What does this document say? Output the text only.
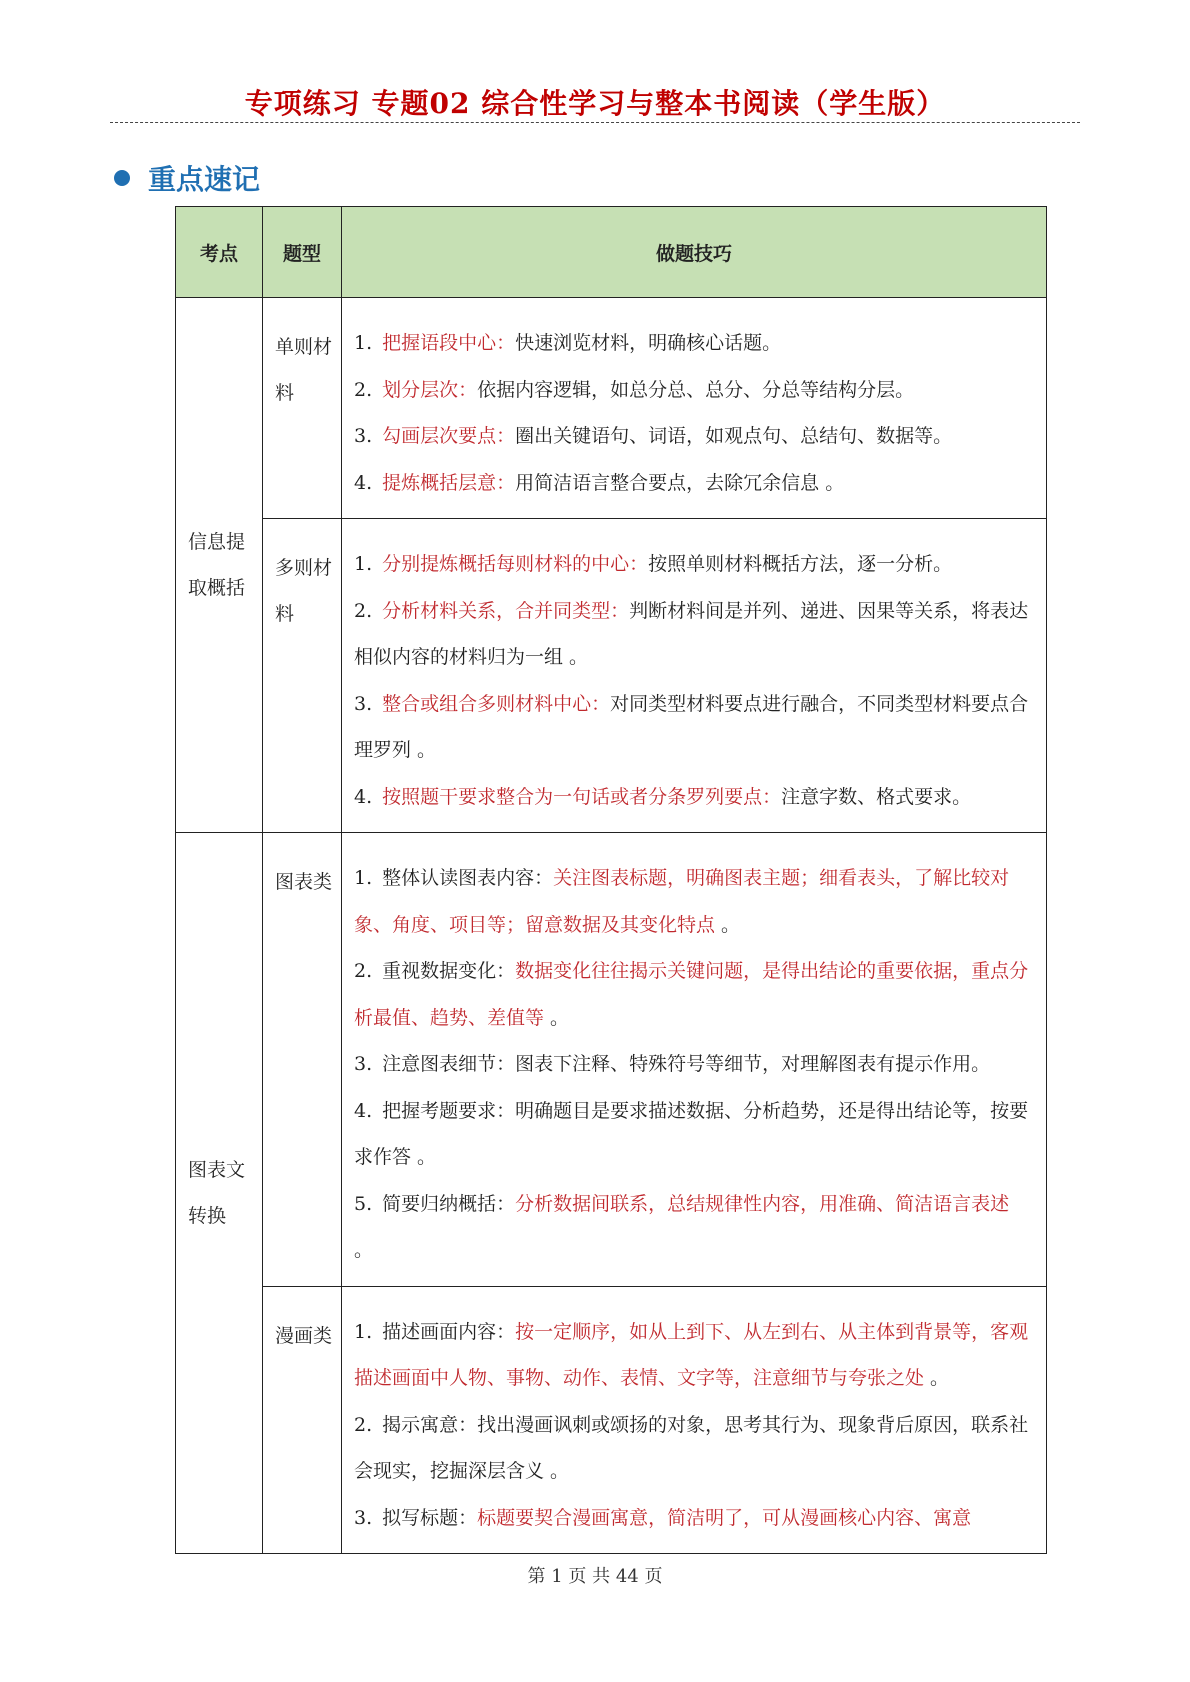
专项练习 专题02 综合性学习与整本书阅读（学生版）
重点速记
考点	题型	做题技巧
信息提取概括	单则材料	1. 把握语段中心：快速浏览材料，明确核心话题。

2. 划分层次：依据内容逻辑，如总分总、总分、分总等结构分层。

3. 勾画层次要点：圈出关键语句、词语，如观点句、总结句、数据等。

4. 提炼概括层意：用简洁语言整合要点，去除冗余信息 。

	多则材料	1. 分别提炼概括每则材料的中心：按照单则材料概括方法，逐一分析。

2. 分析材料关系，合并同类型：判断材料间是并列、递进、因果等关系，将表达相似内容的材料归为一组 。

3. 整合或组合多则材料中心：对同类型材料要点进行融合，不同类型材料要点合理罗列 。

4. 按照题干要求整合为一句话或者分条罗列要点：注意字数、格式要求。

图表文转换	图表类	1. 整体认读图表内容：关注图表标题，明确图表主题；细看表头，了解比较对象、角度、项目等；留意数据及其变化特点 。

2. 重视数据变化：数据变化往往揭示关键问题，是得出结论的重要依据，重点分析最值、趋势、差值等 。

3. 注意图表细节：图表下注释、特殊符号等细节，对理解图表有提示作用。

4. 把握考题要求：明确题目是要求描述数据、分析趋势，还是得出结论等，按要求作答 。

5. 简要归纳概括：分析数据间联系，总结规律性内容，用准确、简洁语言表述 。

	漫画类	1. 描述画面内容：按一定顺序，如从上到下、从左到右、从主体到背景等，客观描述画面中人物、事物、动作、表情、文字等，注意细节与夸张之处 。

2. 揭示寓意：找出漫画讽刺或颂扬的对象，思考其行为、现象背后原因，联系社会现实，挖掘深层含义 。

3. 拟写标题：标题要契合漫画寓意，简洁明了，可从漫画核心内容、寓意

第 1 页 共 44 页
